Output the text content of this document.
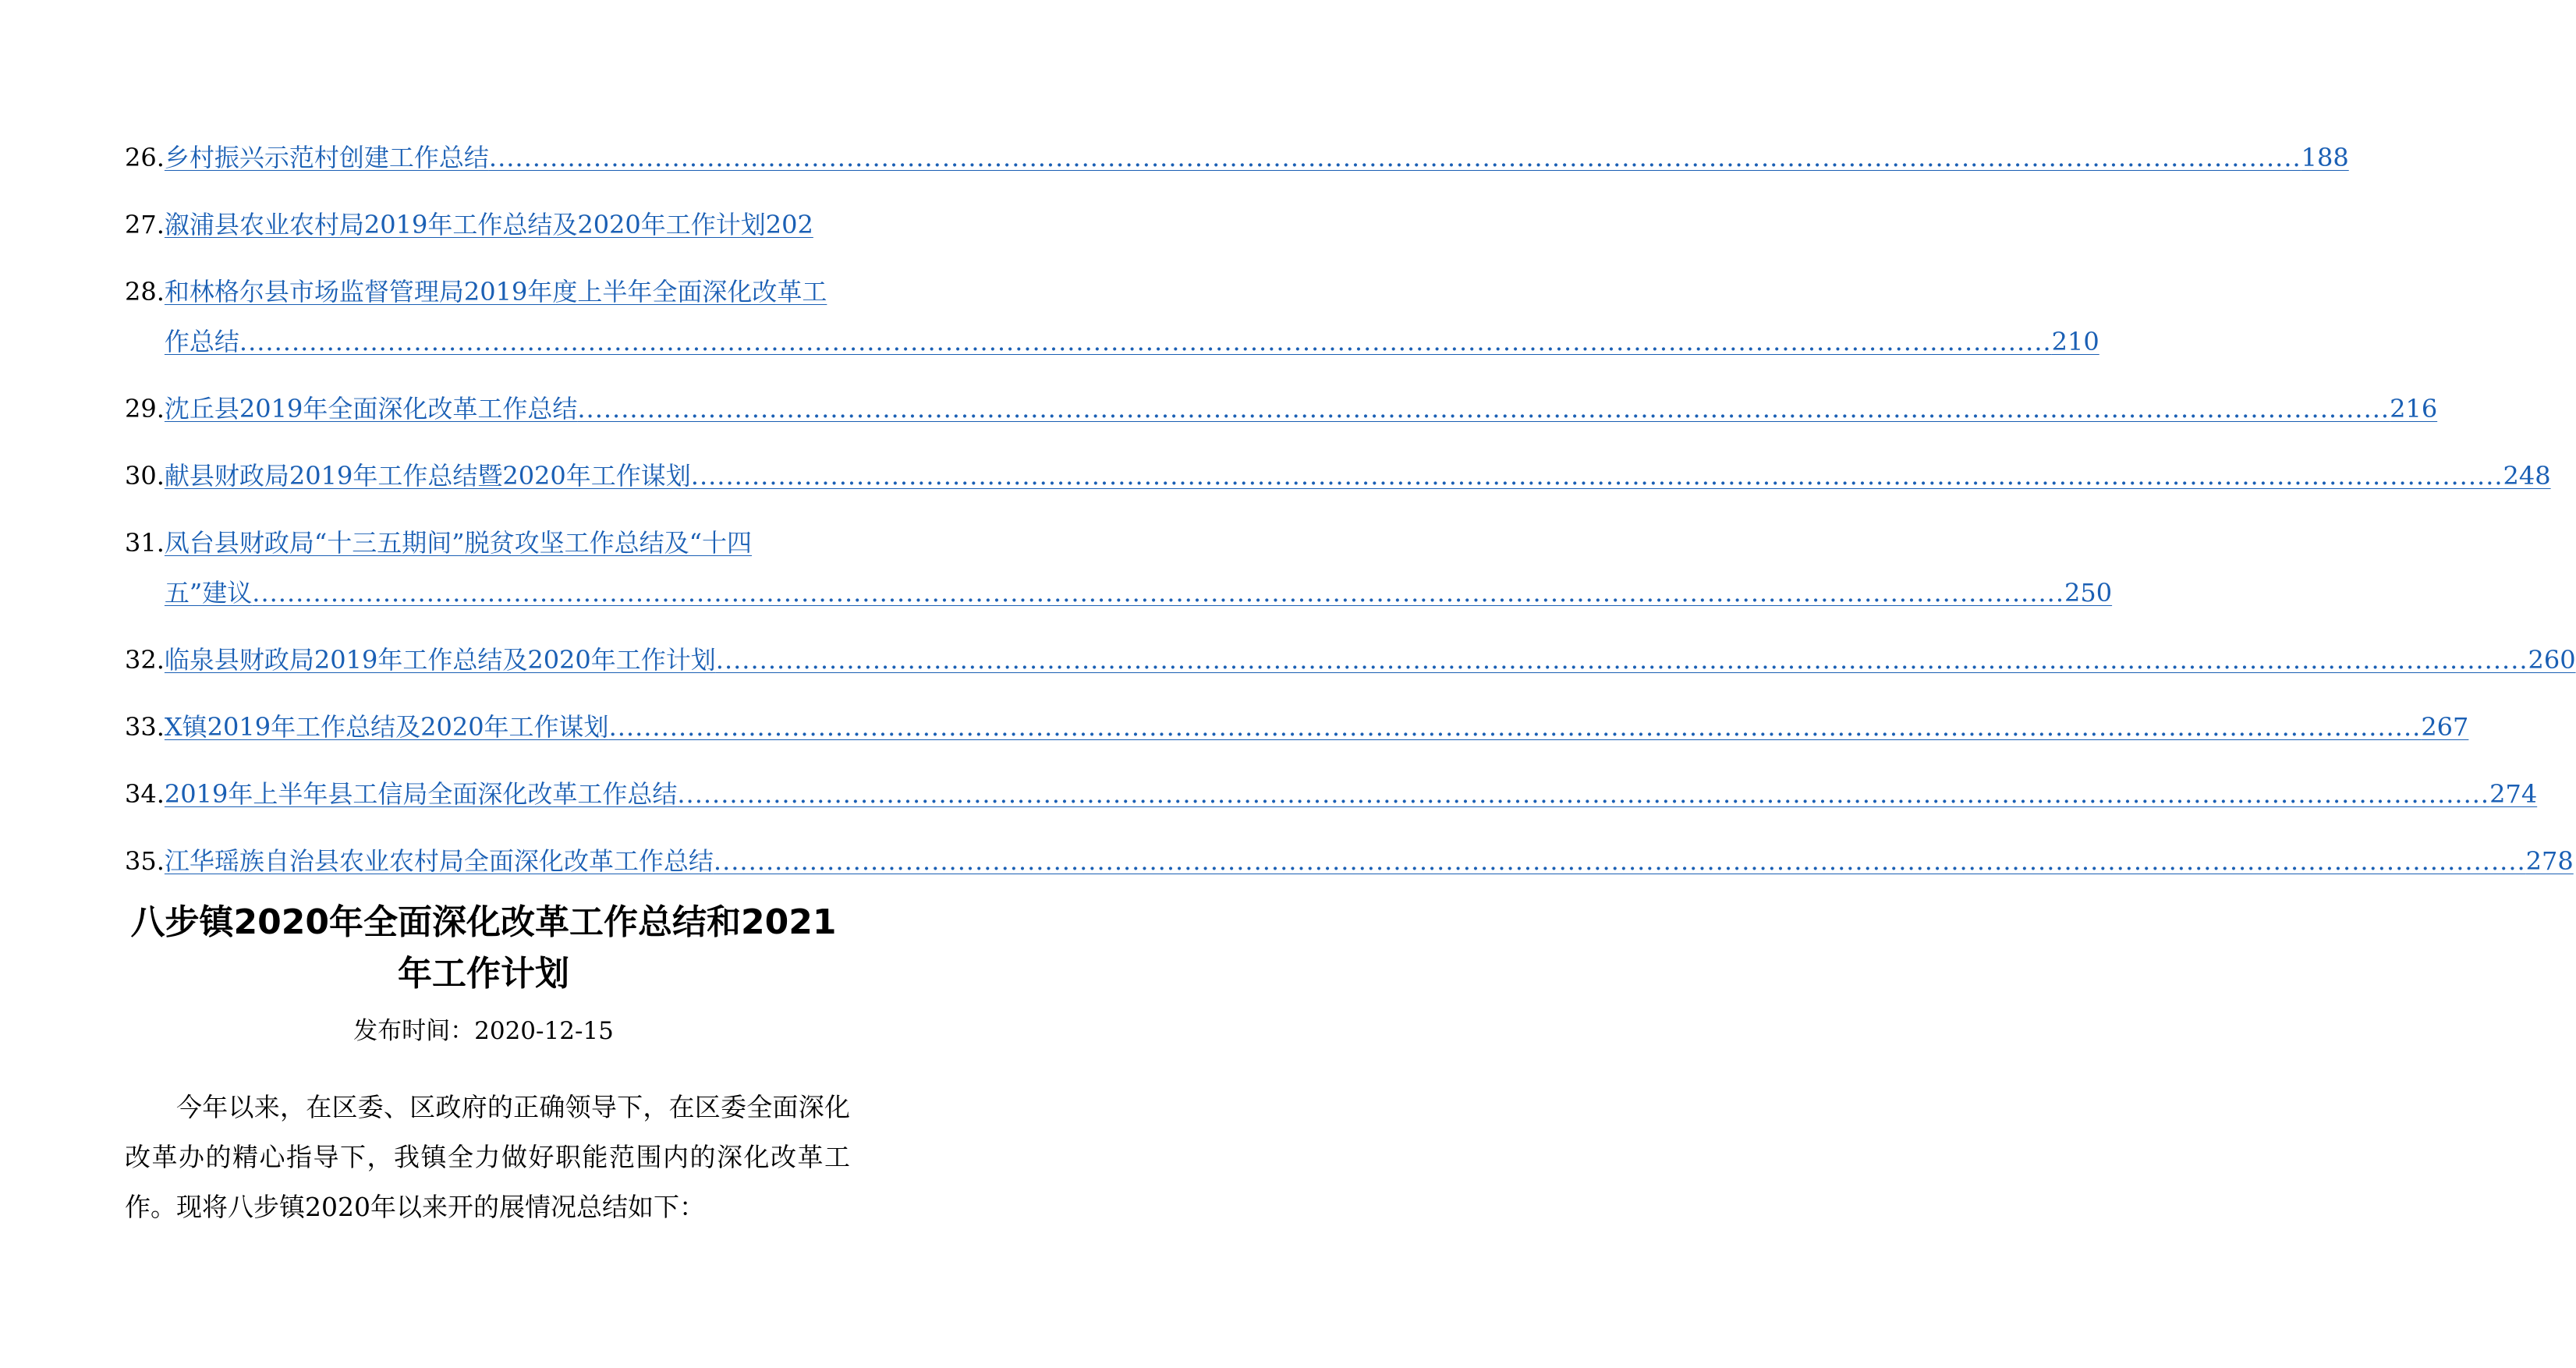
26. 乡村振兴示范村创建工作总结 .....	188
27. 溆浦县农业农村局2019年工作总结及2020年工作计划 202
28. 和林格尔县市场监督管理局2019年度上半年全面深化改革工
作总结 .....	210
29. 沈丘县2019年全面深化改革工作总结 .....	216
30. 献县财政局2019年工作总结暨2020年工作谋划 .....	248
31. 凤台县财政局“十三五期间”脱贫攻坚工作总结及“十四
五”建议 .....	250
32. 临泉县财政局2019年工作总结及2020年工作计划 .....	260
33. X镇2019年工作总结及2020年工作谋划 .....	267
34. 2019年上半年县工信局全面深化改革工作总结 .....	274
35. 江华瑶族自治县农业农村局全面深化改革工作总结 .....	278
八步镇2020年全面深化改革工作总结和2021
年工作计划
发布时间：2020-12-15

今年以来，在区委、区政府的正确领导下，在区委全面深化改革办的精心指导下，我镇全力做好职能范围内的深化改革工作。现将八步镇2020年以来开的展情况总结如下：
